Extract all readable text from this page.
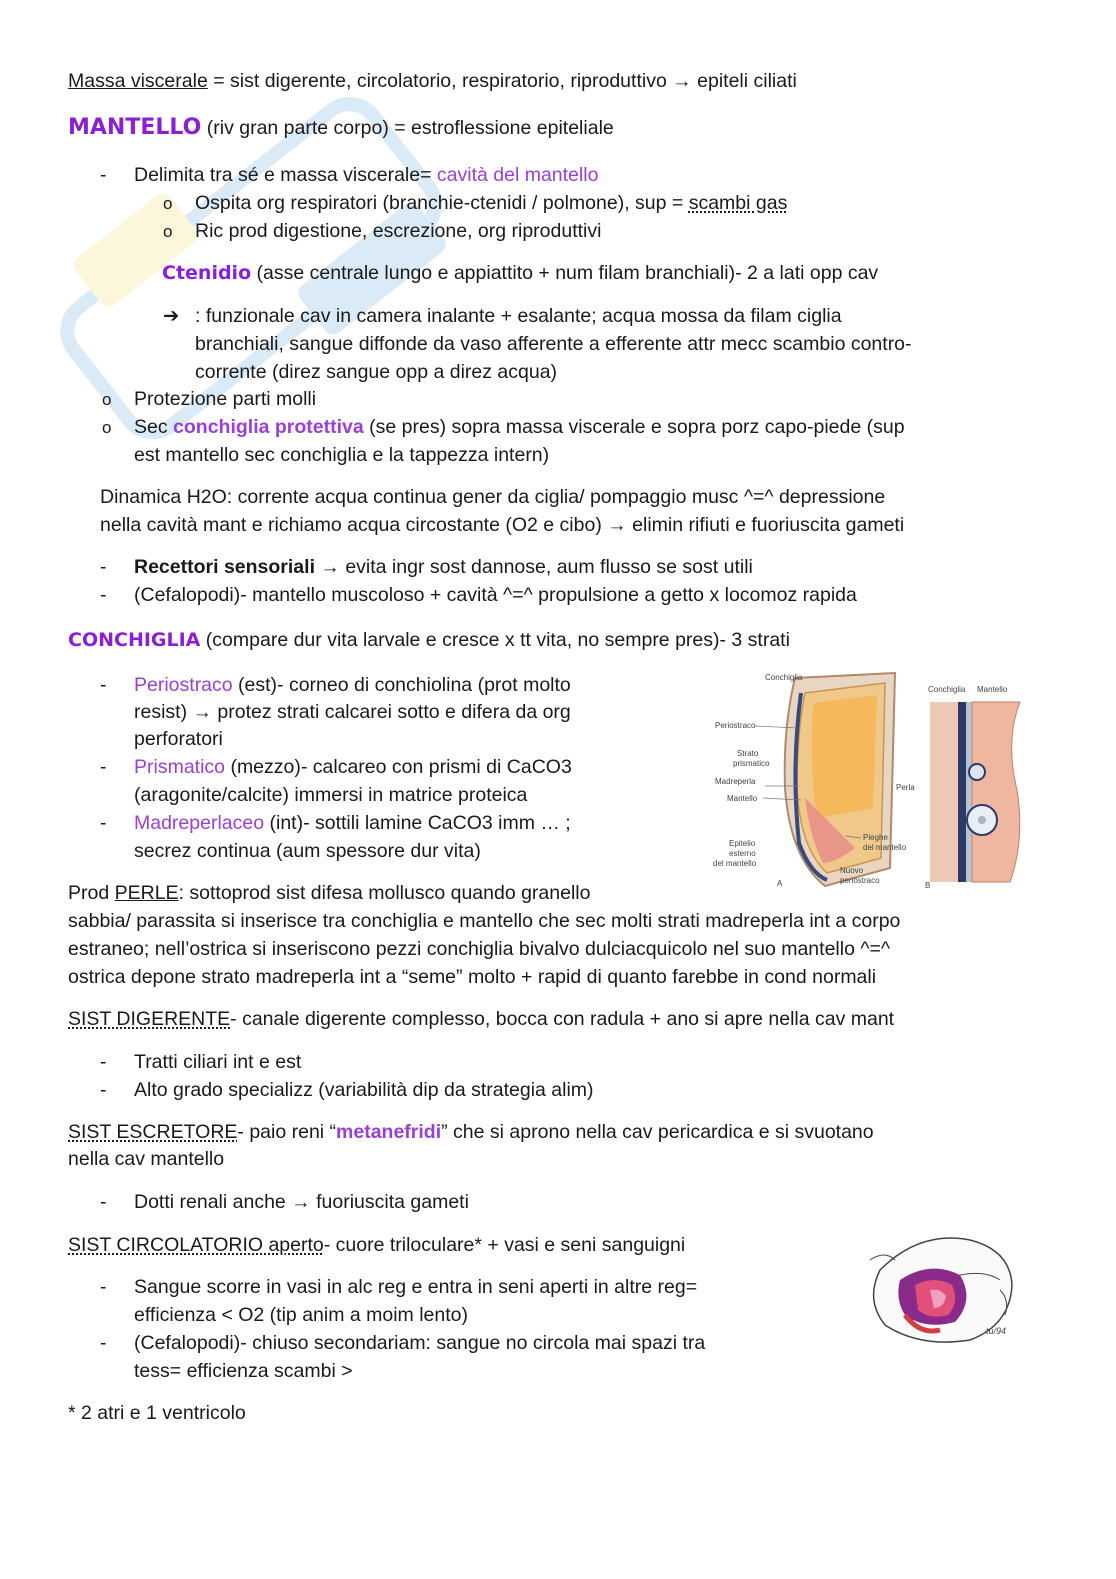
Massa viscerale = sist digerente, circolatorio, respiratorio, riproduttivo → epiteli ciliati
MANTELLO (riv gran parte corpo) = estroflessione epiteliale
- Delimita tra sé e massa viscerale= cavità del mantello
o Ospita org respiratori (branchie-ctenidi / polmone), sup = scambi gas
o Ric prod digestione, escrezione, org riproduttivi
Ctenidio (asse centrale lungo e appiattito + num filam branchiali)- 2 a lati opp cav
➔ : funzionale cav in camera inalante + esalante; acqua mossa da filam ciglia
branchiali, sangue diffonde da vaso afferente a efferente attr mecc scambio contro-
corrente (direz sangue opp a direz acqua)
o Protezione parti molli
o Sec conchiglia protettiva (se pres) sopra massa viscerale e sopra porz capo-piede (sup
est mantello sec conchiglia e la tappezza intern)
Dinamica H2O: corrente acqua continua gener da ciglia/ pompaggio musc ^=^ depressione
nella cavità mant e richiamo acqua circostante (O2 e cibo) → elimin rifiuti e fuoriuscita gameti
- Recettori sensoriali → evita ingr sost dannose, aum flusso se sost utili
- (Cefalopodi)- mantello muscoloso + cavità ^=^ propulsione a getto x locomoz rapida
CONCHIGLIA (compare dur vita larvale e cresce x tt vita, no sempre pres)- 3 strati
- Periostraco (est)- corneo di conchiolina (prot molto
resist) → protez strati calcarei sotto e difera da org
perforatori
- Prismatico (mezzo)- calcareo con prismi di CaCO3
(aragonite/calcite) immersi in matrice proteica
- Madreperlaceo (int)- sottili lamine CaCO3 imm … ;
secrez continua (aum spessore dur vita)
Prod PERLE: sottoprod sist difesa mollusco quando granello
sabbia/ parassita si inserisce tra conchiglia e mantello che sec molti strati madreperla int a corpo
estraneo; nell’ostrica si inseriscono pezzi conchiglia bivalvo dulciacquicolo nel suo mantello ^=^
ostrica depone strato madreperla int a “seme” molto + rapid di quanto farebbe in cond normali
SIST DIGERENTE- canale digerente complesso, bocca con radula + ano si apre nella cav mant
- Tratti ciliari int e est
- Alto grado specializz (variabilità dip da strategia alim)
SIST ESCRETORE- paio reni “metanefridi” che si aprono nella cav pericardica e si svuotano
nella cav mantello
- Dotti renali anche → fuoriuscita gameti
SIST CIRCOLATORIO aperto- cuore triloculare* + vasi e seni sanguigni
- Sangue scorre in vasi in alc reg e entra in seni aperti in altre reg=
efficienza < O2 (tip anim a moim lento)
- (Cefalopodi)- chiuso secondariam: sangue no circola mai spazi tra
tess= efficienza scambi >
* 2 atri e 1 ventricolo
Conchiglia
Periostraco
Strato
prismatico
Madreperla
Mantello
Epitelio
esterno
del mantello
Pieghe
del mantello
Nuovo
periostraco
A
Conchiglia Mantello
B
Perla
tu/94
